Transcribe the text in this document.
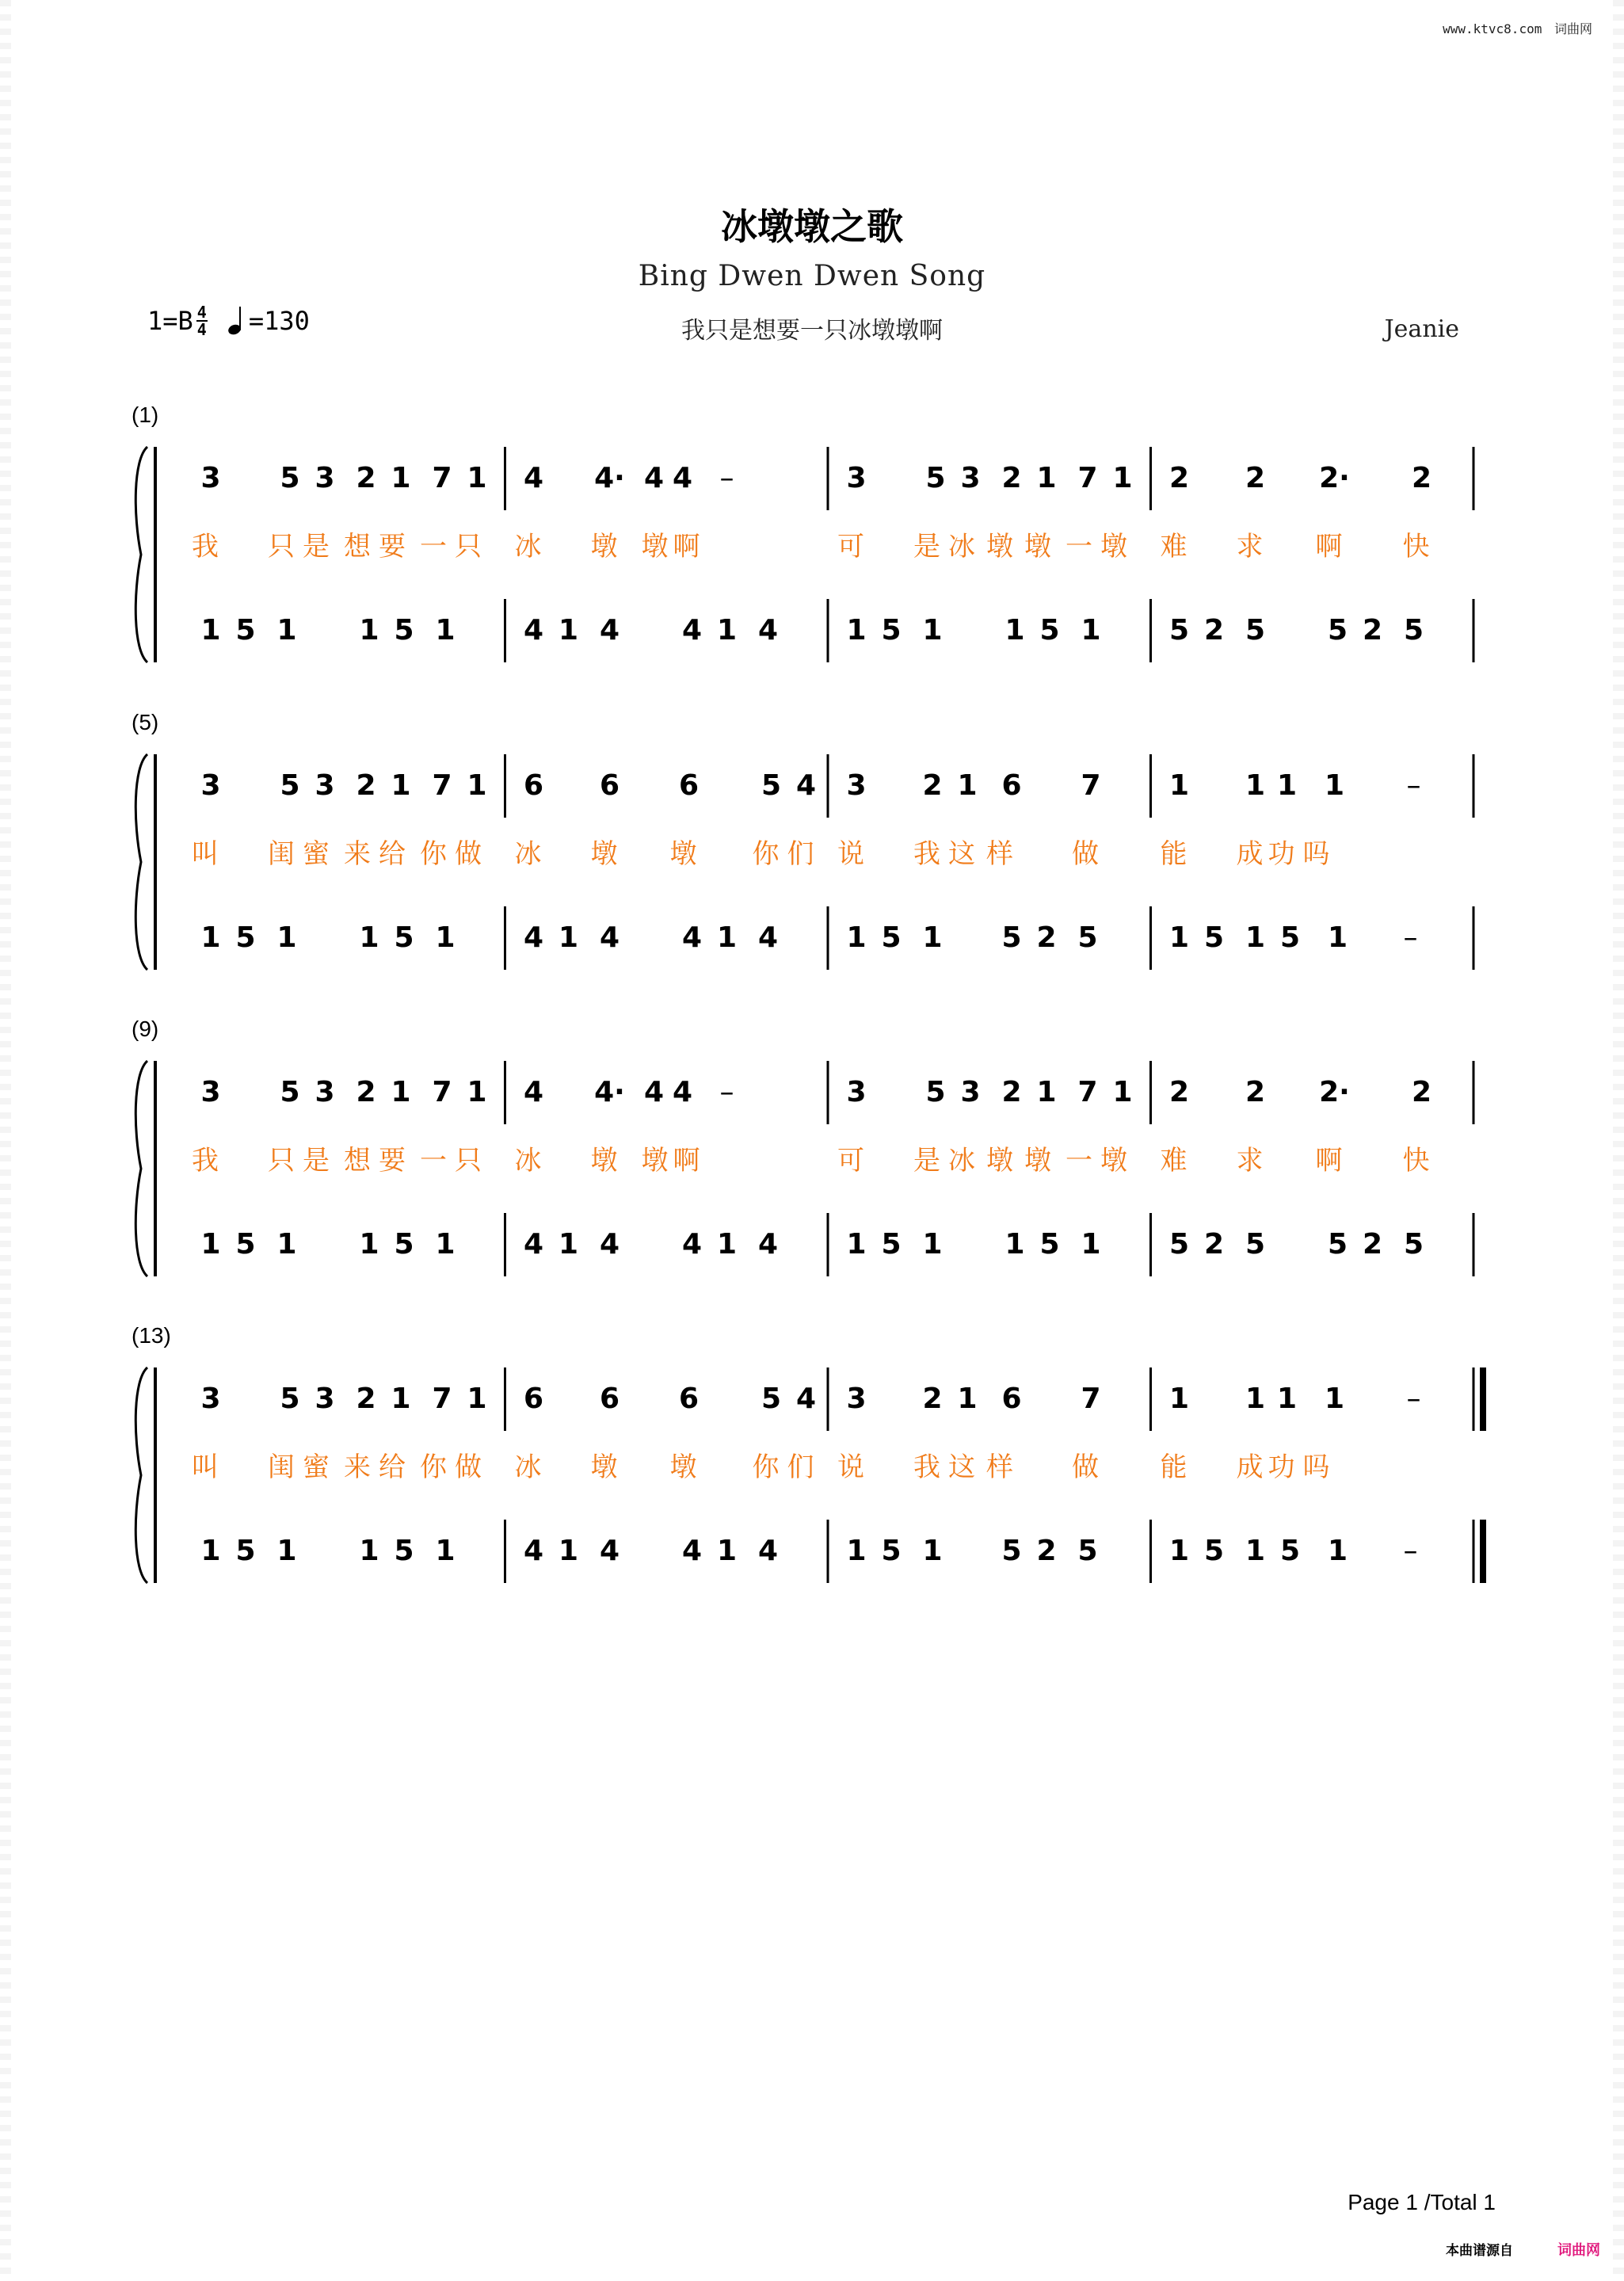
www.ktvc8.com 词曲网
冰墩墩之歌
Bing Dwen Dwen Song
我只是想要一只冰墩墩啊
$1=B \frac{4}{4} =130$	Jeanie
(1)
3	5 3 2 1 7 1	4	4· 4 4 –	3	5 3 2 1 7 1	2	2	2·	2
我 只 是 想 要 一 只 冰 墩 墩 啊	可 是 冰 墩 墩 一 墩 难 求 啊 快
1 5 1	1 5 1	4 1 4	4 1 4	1 5 1	1 5 1	5 2 5	5 2 5
(5)
3	5 3 2 1 7 1	6	6	6	5 4	3	2 1 6	7	1	1 1 1	–
叫 闺 蜜 来 给 你 做 冰 墩 墩 你 们 说 我 这 样 做 能 成 功 吗
1 5 1	1 5 1	4 1 4	4 1 4	1 5 1	5 2 5	1 5 1 5 1	–
(9)
3	5 3 2 1 7 1	4	4· 4 4 –	3	5 3 2 1 7 1	2	2	2·	2
我 只 是 想 要 一 只 冰 墩 墩 啊	可 是 冰 墩 墩 一 墩 难 求 啊 快
1 5 1	1 5 1	4 1 4	4 1 4	1 5 1	1 5 1	5 2 5	5 2 5
(13)
3	5 3 2 1 7 1	6	6	6	5 4	3	2 1 6	7	1	1 1 1	–
叫 闺 蜜 来 给 你 做 冰 墩 墩 你 们 说 我 这 样 做 能 成 功 吗
1 5 1	1 5 1	4 1 4	4 1 4	1 5 1	5 2 5	1 5 1 5 1	–
Page 1 /Total 1
本曲谱源自	词曲网
